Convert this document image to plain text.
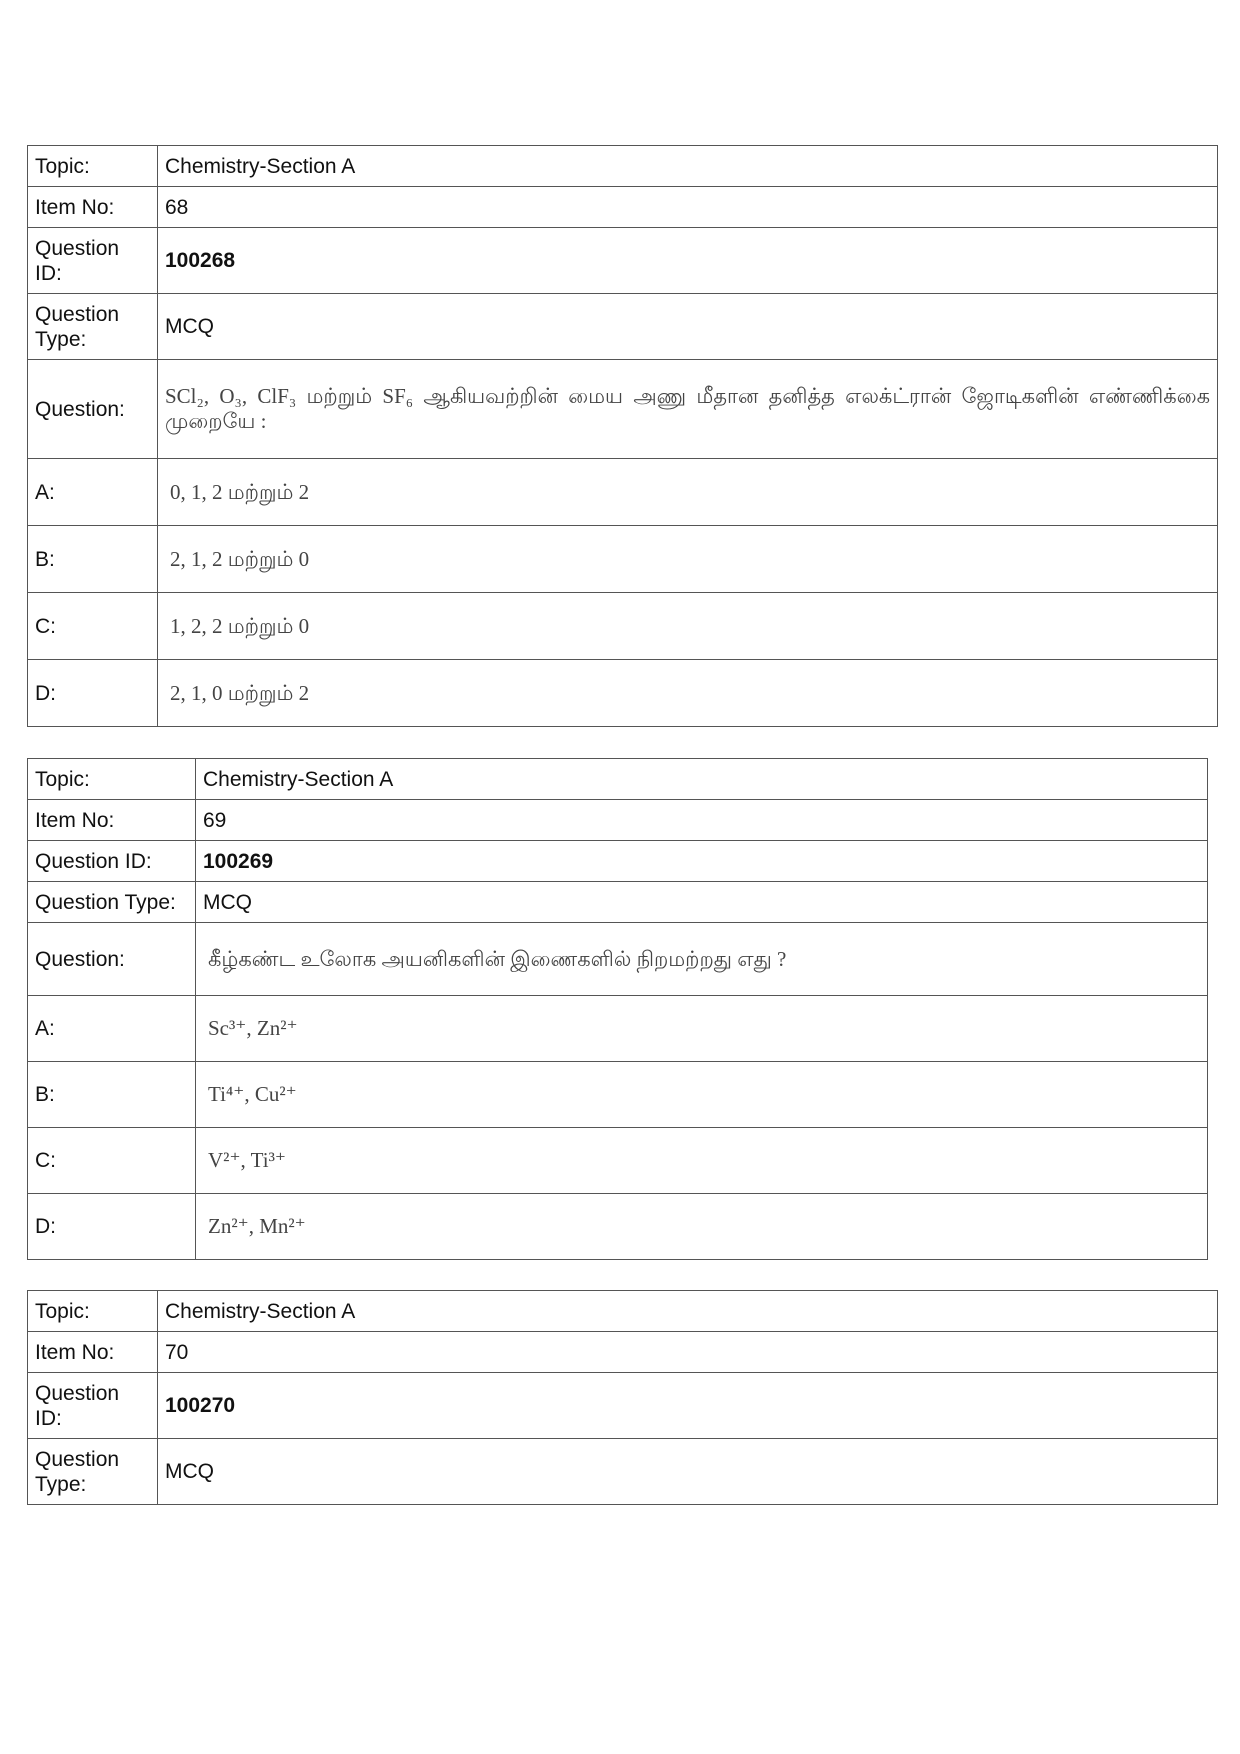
Topic:	Chemistry-Section A
Item No:	68
Question ID:	100268
Question Type:	MCQ
Question:	SCl₂, O₃, ClF₃ மற்றும் SF₆ ஆகியவற்றின் மைய அணு மீதான தனித்த எலக்ட்ரான் ஜோடிகளின் எண்ணிக்கை முறையே :
A:	0, 1, 2 மற்றும் 2
B:	2, 1, 2 மற்றும் 0
C:	1, 2, 2 மற்றும் 0
D:	2, 1, 0 மற்றும் 2
Topic:	Chemistry-Section A
Item No:	69
Question ID:	100269
Question Type:	MCQ
Question:	கீழ்கண்ட உலோக அயனிகளின் இணைகளில் நிறமற்றது எது ?
A:	Sc³⁺, Zn²⁺
B:	Ti⁴⁺, Cu²⁺
C:	V²⁺, Ti³⁺
D:	Zn²⁺, Mn²⁺
Topic:	Chemistry-Section A
Item No:	70
Question ID:	100270
Question Type:	MCQ
